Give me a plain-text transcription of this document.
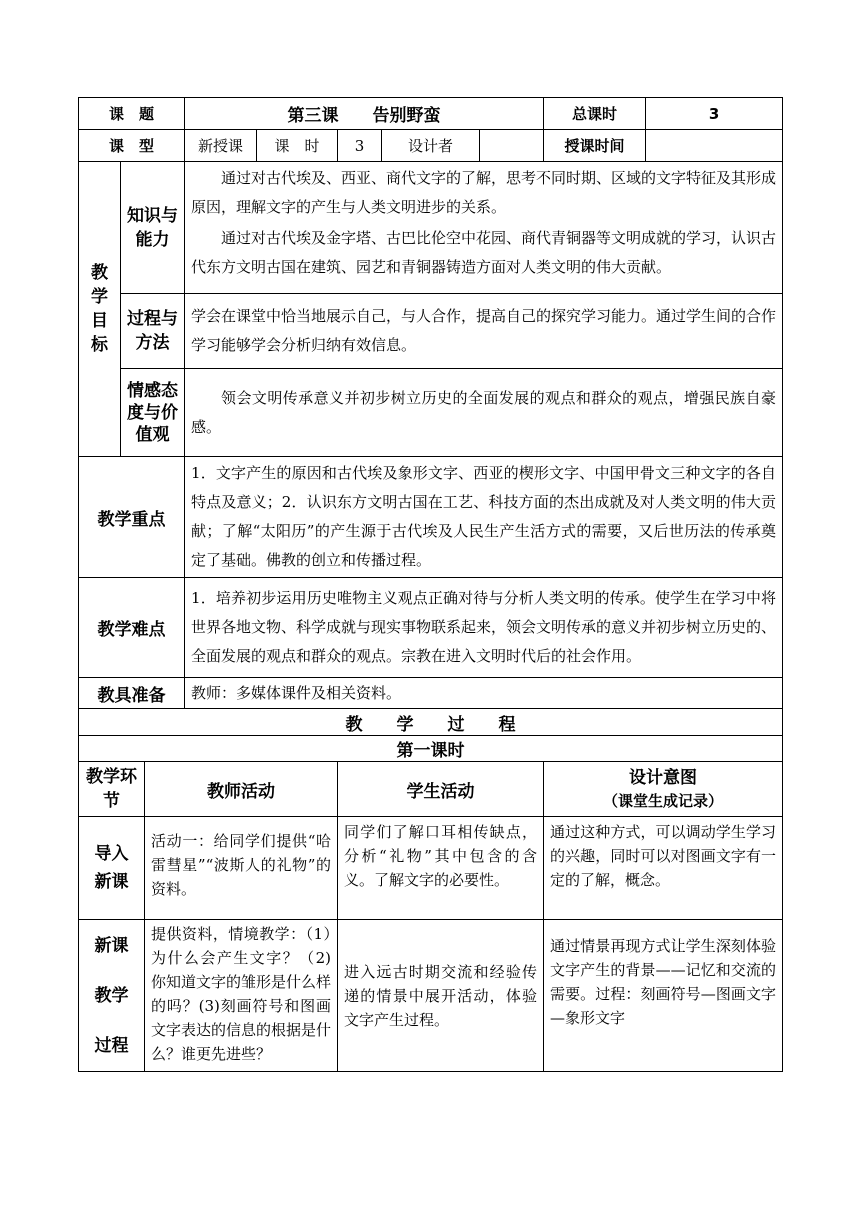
课　题			第三课　　告别野蛮					总课时	3
课　型			新授课	课　时	3	设计者		授课时间	
教学目标	知识与能力		通过对古代埃及、西亚、商代文字的了解，思考不同时期、区域的文字特征及其形成原因，理解文字的产生与人类文明进步的关系。
通过对古代埃及金字塔、古巴比伦空中花园、商代青铜器等文明成就的学习，认识古代东方文明古国在建筑、园艺和青铜器铸造方面对人类文明的伟大贡献。						

	过程与方法		学会在课堂中恰当地展示自己，与人合作，提高自己的探究学习能力。通过学生间的合作学习能够学会分析归纳有效信息。						
	情感态度与价值观		领会文明传承意义并初步树立历史的全面发展的观点和群众的观点，增强民族自豪感。						
教学重点			1．文字产生的原因和古代埃及象形文字、西亚的楔形文字、中国甲骨文三种文字的各自特点及意义；2．认识东方文明古国在工艺、科技方面的杰出成就及对人类文明的伟大贡献；了解“太阳历”的产生源于古代埃及人民生产生活方式的需要，又后世历法的传承奠定了基础。佛教的创立和传播过程。						
教学难点			1．培养初步运用历史唯物主义观点正确对待与分析人类文明的传承。使学生在学习中将世界各地文物、科学成就与现实事物联系起来，领会文明传承的意义并初步树立历史的、全面发展的观点和群众的观点。宗教在进入文明时代后的社会作用。						
教具准备			教师：多媒体课件及相关资料。						
教　　学　　过　　程									
第一课时									
教学环节		教师活动			学生活动			设计意图
（课堂生成记录）	

导入新课		活动一：给同学们提供“哈雷彗星”“波斯人的礼物”的资料。			同学们了解口耳相传缺点，分析“礼物”其中包含的含义。了解文字的必要性。			通过这种方式，可以调动学生学习的兴趣，同时可以对图画文字有一定的了解，概念。	
新课教学过程		提供资料，情境教学：（1）为什么会产生文字？（2)你知道文字的雏形是什么样的吗？(3)刻画符号和图画文字表达的信息的根据是什么？谁更先进些？			进入远古时期交流和经验传递的情景中展开活动，体验文字产生过程。			通过情景再现方式让学生深刻体验文字产生的背景——记忆和交流的需要。过程：刻画符号—图画文字—象形文字	
